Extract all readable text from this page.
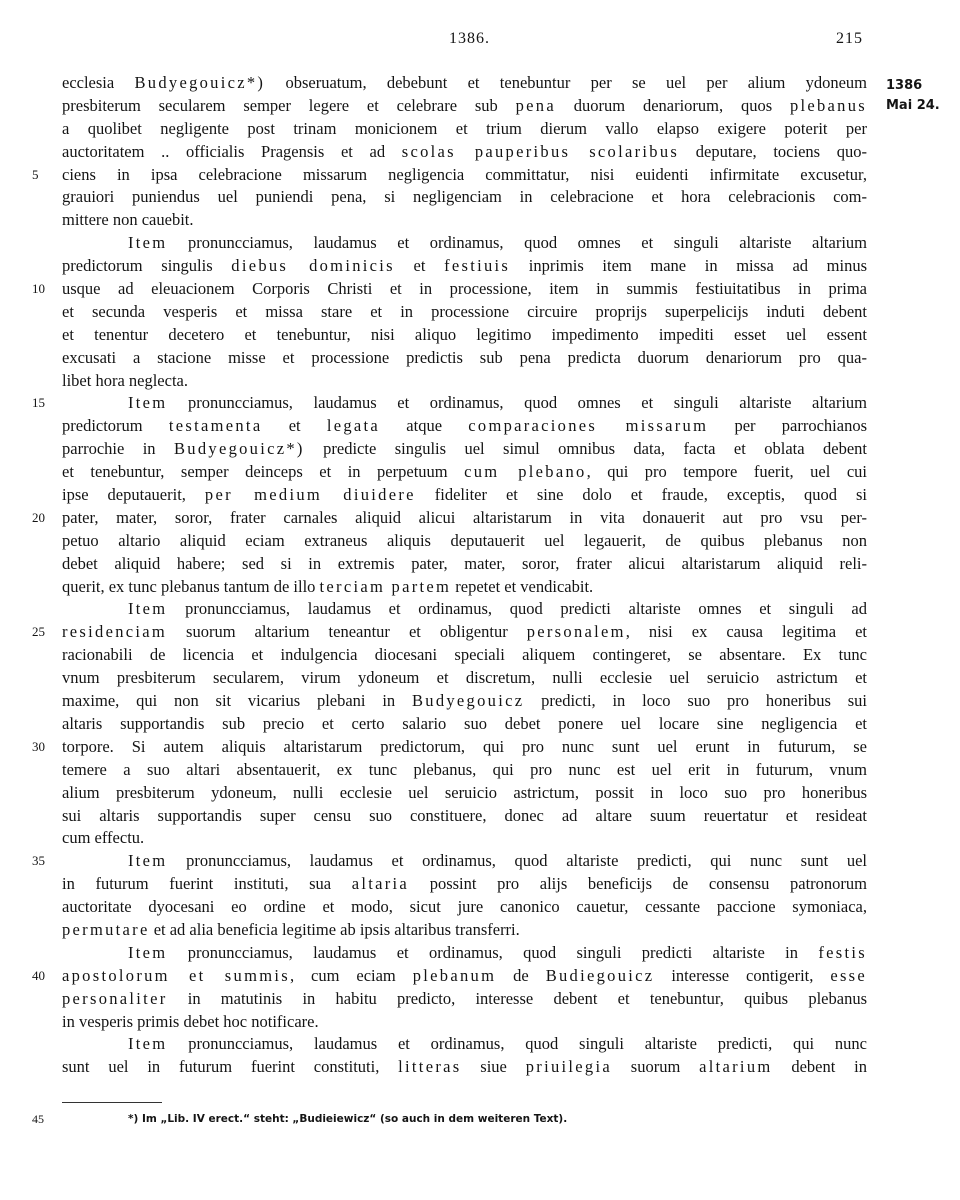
1386.	215
1386
Mai 24.
ecclesia Budyegouicz*) obseruatum, debebunt et tenebuntur per se uel per alium ydoneum
presbiterum secularem semper legere et celebrare sub pena duorum denariorum, quos plebanus
a quolibet negligente post trinam monicionem et trium dierum vallo elapso exigere poterit per
auctoritatem .. officialis Pragensis et ad scolas pauperibus scolaribus deputare, tociens quo-
5 ciens in ipsa celebracione missarum negligencia committatur, nisi euidenti infirmitate excusetur,
grauiori puniendus uel puniendi pena, si negligenciam in celebracione et hora celebracionis com-
mittere non cauebit.
Item pronuncciamus, laudamus et ordinamus, quod omnes et singuli altariste altarium
predictorum singulis diebus dominicis et festiuis inprimis item mane in missa ad minus
10 usque ad eleuacionem Corporis Christi et in processione, item in summis festiuitatibus in prima
et secunda vesperis et missa stare et in processione circuire proprijs superpelicijs induti debent
et tenentur decetero et tenebuntur, nisi aliquo legitimo impedimento impediti esset uel essent
excusati a stacione misse et processione predictis sub pena predicta duorum denariorum pro qua-
libet hora neglecta.
15	Item pronuncciamus, laudamus et ordinamus, quod omnes et singuli altariste altarium
predictorum testamenta et legata atque comparaciones missarum per parrochianos
parrochie in Budyegouicz*) predicte singulis uel simul omnibus data, facta et oblata debent
et tenebuntur, semper deinceps et in perpetuum cum plebano, qui pro tempore fuerit, uel cui
ipse deputauerit, per medium diuidere fideliter et sine dolo et fraude, exceptis, quod si
20 pater, mater, soror, frater carnales aliquid alicui altaristarum in vita donauerit aut pro vsu per-
petuo altario aliquid eciam extraneus aliquis deputauerit uel legauerit, de quibus plebanus non
debet aliquid habere; sed si in extremis pater, mater, soror, frater alicui altaristarum aliquid reli-
querit, ex tunc plebanus tantum de illo terciam partem repetet et vendicabit.
Item pronuncciamus, laudamus et ordinamus, quod predicti altariste omnes et singuli ad
25 residenciam suorum altarium teneantur et obligentur personalem, nisi ex causa legitima et
racionabili de licencia et indulgencia diocesani speciali aliquem contingeret, se absentare. Ex tunc
vnum presbiterum secularem, virum ydoneum et discretum, nulli ecclesie uel seruicio astrictum et
maxime, qui non sit vicarius plebani in Budyegouicz predicti, in loco suo pro honeribus sui
altaris supportandis sub precio et certo salario suo debet ponere uel locare sine negligencia et
30 torpore. Si autem aliquis altaristarum predictorum, qui pro nunc sunt uel erunt in futurum, se
temere a suo altari absentauerit, ex tunc plebanus, qui pro nunc est uel erit in futurum, vnum
alium presbiterum ydoneum, nulli ecclesie uel seruicio astrictum, possit in loco suo pro honeribus
sui altaris supportandis super censu suo constituere, donec ad altare suum reuertatur et resideat
cum effectu.
35	Item pronuncciamus, laudamus et ordinamus, quod altariste predicti, qui nunc sunt uel
in futurum fuerint instituti, sua altaria possint pro alijs beneficijs de consensu patronorum
auctoritate dyocesani eo ordine et modo, sicut jure canonico cauetur, cessante paccione symoniaca,
permutare et ad alia beneficia legitime ab ipsis altaribus transferri.
Item pronuncciamus, laudamus et ordinamus, quod singuli predicti altariste in festis
40 apostolorum et summis, cum eciam plebanum de Budiegouicz interesse contigerit, esse
personaliter in matutinis in habitu predicto, interesse debent et tenebuntur, quibus plebanus
in vesperis primis debet hoc notificare.
Item pronuncciamus, laudamus et ordinamus, quod singuli altariste predicti, qui nunc
sunt uel in futurum fuerint constituti, litteras siue priuilegia suorum altarium debent in
45	*) Im „Lib. IV erect.“ steht: „Budieiewicz“ (so auch in dem weiteren Text).
